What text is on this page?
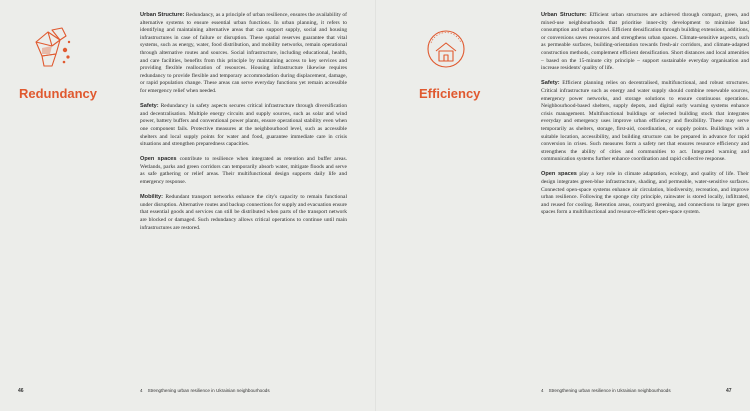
Redundancy

Urban Structure: Redundancy, as a principle of urban resilience, ensures the availability of alternative systems to ensure essential urban functions. In urban planning, it refers to identifying and maintaining alternative areas that can support supply, social and housing infrastructures in case of failure or disruption. These spatial reserves guarantee that vital systems, such as energy, water, food distribution, and mobility networks, remain operational through alternative routes and sources. Social infrastructure, including educational, health, and care facilities, benefits from this principle by maintaining access to key services and providing flexible reallocation of resources. Housing infrastructure likewise requires redundancy to provide flexible and temporary accommodation during displacement, damage, or rapid population change. These areas can serve everyday functions yet remain accessible for emergency relief when needed.

Safety: Redundancy in safety aspects secures critical infrastructure through diversification and decentralisation. Multiple energy circuits and supply sources, such as solar and wind power, battery buffers and conventional power plants, ensure operational stability even when one component fails. Protective measures at the neighbourhood level, such as accessible shelters and local supply points for water and food, guarantee immediate care in crisis situations and strengthen preparedness capacities.

Open spaces contribute to resilience when integrated as retention and buffer areas. Wetlands, parks and green corridors can temporarily absorb water, mitigate floods and serve as safe gathering or relief areas. Their multifunctional design supports daily life and emergency response.

Mobility: Redundant transport networks enhance the city's capacity to remain functional under disruption. Alternative routes and backup connections for supply and evacuation ensure that essential goods and services can still be distributed when parts of the transport network are blocked or damaged. Such redundancy allows critical operations to continue until main infrastructures are restored.

46	4 Strengthening urban resilience in Ukrainian neighbourhoods
Efficiency

Urban Structure: Efficient urban structures are achieved through compact, green, and mixed-use neighbourhoods that prioritise inner-city development to minimise land consumption and urban sprawl. Efficient densification through building extensions, additions, or conversions saves resources and strengthens urban spaces. Climate-sensitive aspects, such as permeable surfaces, building-orientation towards fresh-air corridors, and climate-adapted construction methods, complement efficient densification. Short distances and local amenities – based on the 15-minute city principle – support sustainable everyday organisation and increase residents' quality of life.

Safety: Efficient planning relies on decentralised, multifunctional, and robust structures. Critical infrastructure such as energy and water supply should combine renewable sources, emergency power networks, and storage solutions to ensure continuous operations. Neighbourhood-based shelters, supply depots, and digital early warning systems enhance crisis management. Multifunctional buildings or selected building stock that integrates everyday and emergency uses improve urban efficiency and flexibility. These may serve temporarily as shelters, storage, first-aid, coordination, or supply points. Buildings with a suitable location, accessibility, and building structure can be prepared in advance for rapid conversion in crises. Such measures form a safety net that ensures resource efficiency and strengthens the ability of cities and communities to act. Integrated warning and communication systems further enhance coordination and rapid collective response.

Open spaces play a key role in climate adaptation, ecology, and quality of life. Their design integrates green-blue infrastructure, shading, and permeable, water-sensitive surfaces. Connected open-space systems enhance air circulation, biodiversity, recreation, and improve urban resilience. Following the sponge city principle, rainwater is stored locally, infiltrated, and reused for cooling. Retention areas, courtyard greening, and connections to larger green spaces form a multifunctional and resource-efficient open-space system.

4 Strengthening urban resilience in Ukrainian neighbourhoods	47
